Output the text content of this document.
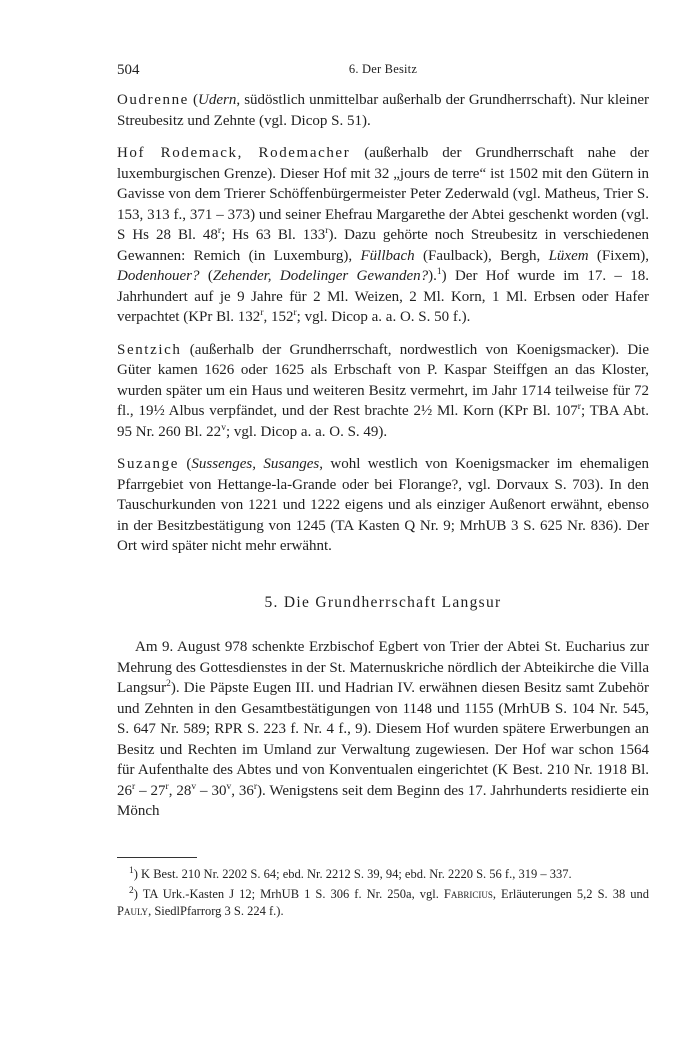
504	6. Der Besitz

Oudrenne (Udern, südöstlich unmittelbar außerhalb der Grundherrschaft). Nur kleiner Streubesitz und Zehnte (vgl. Dicop S. 51).

Hof Rodemack, Rodemacher (außerhalb der Grundherrschaft nahe der luxemburgischen Grenze). Dieser Hof mit 32 „jours de terre“ ist 1502 mit den Gütern in Gavisse von dem Trierer Schöffenbürgermeister Peter Zederwald (vgl. Matheus, Trier S. 153, 313 f., 371 – 373) und seiner Ehefrau Margarethe der Abtei geschenkt worden (vgl. S Hs 28 Bl. 48$^r$; Hs 63 Bl. 133$^r$). Dazu gehörte noch Streubesitz in verschiedenen Gewannen: Remich (in Luxemburg), Füllbach (Faulback), Bergh, Lüxem (Fixem), Dodenhouer? (Zehender, Dodelinger Gewanden?).$^1$) Der Hof wurde im 17. – 18. Jahrhundert auf je 9 Jahre für 2 Ml. Weizen, 2 Ml. Korn, 1 Ml. Erbsen oder Hafer verpachtet (KPr Bl. 132$^r$, 152$^r$; vgl. Dicop a. a. O. S. 50 f.).

Sentzich (außerhalb der Grundherrschaft, nordwestlich von Koenigsmacker). Die Güter kamen 1626 oder 1625 als Erbschaft von P. Kaspar Steiffgen an das Kloster, wurden später um ein Haus und weiteren Besitz vermehrt, im Jahr 1714 teilweise für 72 fl., 19½ Albus verpfändet, und der Rest brachte 2½ Ml. Korn (KPr Bl. 107$^r$; TBA Abt. 95 Nr. 260 Bl. 22$^v$; vgl. Dicop a. a. O. S. 49).

Suzange (Sussenges, Susanges, wohl westlich von Koenigsmacker im ehemaligen Pfarrgebiet von Hettange-la-Grande oder bei Florange?, vgl. Dorvaux S. 703). In den Tauschurkunden von 1221 und 1222 eigens und als einziger Außenort erwähnt, ebenso in der Besitzbestätigung von 1245 (TA Kasten Q Nr. 9; MrhUB 3 S. 625 Nr. 836). Der Ort wird später nicht mehr erwähnt.

5. Die Grundherrschaft Langsur

Am 9. August 978 schenkte Erzbischof Egbert von Trier der Abtei St. Eucharius zur Mehrung des Gottesdienstes in der St. Maternuskriche nördlich der Abteikirche die Villa Langsur$^2$). Die Päpste Eugen III. und Hadrian IV. erwähnen diesen Besitz samt Zubehör und Zehnten in den Gesamtbestätigungen von 1148 und 1155 (MrhUB S. 104 Nr. 545, S. 647 Nr. 589; RPR S. 223 f. Nr. 4 f., 9). Diesem Hof wurden spätere Erwerbungen an Besitz und Rechten im Umland zur Verwaltung zugewiesen. Der Hof war schon 1564 für Aufenthalte des Abtes und von Konventualen eingerichtet (K Best. 210 Nr. 1918 Bl. 26$^r$ – 27$^r$, 28$^v$ – 30$^v$, 36$^r$). Wenigstens seit dem Beginn des 17. Jahrhunderts residierte ein Mönch

$^1$) K Best. 210 Nr. 2202 S. 64; ebd. Nr. 2212 S. 39, 94; ebd. Nr. 2220 S. 56 f., 319 – 337.

$^2$) TA Urk.-Kasten J 12; MrhUB 1 S. 306 f. Nr. 250a, vgl. Fabricius, Erläuterungen 5,2 S. 38 und Pauly, SiedlPfarrorg 3 S. 224 f.).
